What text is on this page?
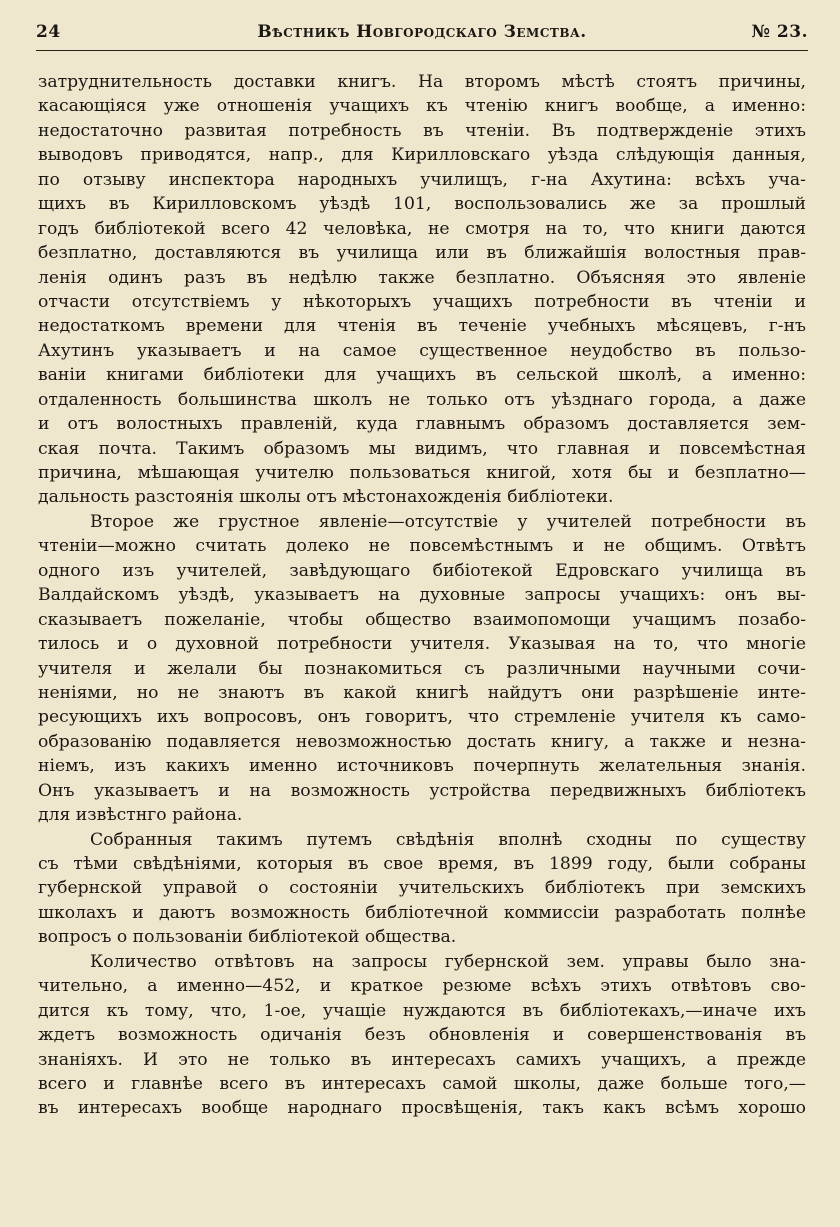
24	Вѣстникъ Новгородскаго Земства.	№ 23.
затруднительность доставки книгъ. На второмъ мѣстѣ стоятъ причины,
касающіяся уже отношенія учащихъ къ чтенію книгъ вообще, а именно:
недостаточно развитая потребность въ чтеніи. Въ подтвержденіе этихъ
выводовъ приводятся, напр., для Кирилловскаго уѣзда слѣдующія данныя,
по отзыву инспектора народныхъ училищъ, г-на Ахутина: всѣхъ уча-
щихъ въ Кирилловскомъ уѣздѣ 101, воспользовались же за прошлый
годъ библіотекой всего 42 человѣка, не смотря на то, что книги даются
безплатно, доставляются въ училища или въ ближайшія волостныя прав-
ленія одинъ разъ въ недѣлю также безплатно. Объясняя это явленіе
отчасти отсутствіемъ у нѣкоторыхъ учащихъ потребности въ чтеніи и
недостаткомъ времени для чтенія въ теченіе учебныхъ мѣсяцевъ, г-нъ
Ахутинъ указываетъ и на самое существенное неудобство въ пользо-
ваніи книгами библіотеки для учащихъ въ сельской школѣ, а именно:
отдаленность большинства школъ не только отъ уѣзднаго города, а даже
и отъ волостныхъ правленій, куда главнымъ образомъ доставляется зем-
ская почта. Такимъ образомъ мы видимъ, что главная и повсемѣстная
причина, мѣшающая учителю пользоваться книгой, хотя бы и безплатно—
дальность разстоянія школы отъ мѣстонахожденія библіотеки.
Второе же грустное явленіе—отсутствіе у учителей потребности въ
чтеніи—можно считать долеко не повсемѣстнымъ и не общимъ. Отвѣтъ
одного изъ учителей, завѣдующаго бибіотекой Едровскаго училища въ
Валдайскомъ уѣздѣ, указываетъ на духовные запросы учащихъ: онъ вы-
сказываетъ пожеланіе, чтобы общество взаимопомощи учащимъ позабо-
тилось и о духовной потребности учителя. Указывая на то, что многіе
учителя и желали бы познакомиться съ различными научными сочи-
неніями, но не знаютъ въ какой книгѣ найдутъ они разрѣшеніе инте-
ресующихъ ихъ вопросовъ, онъ говоритъ, что стремленіе учителя къ само-
образованію подавляется невозможностью достать книгу, а также и незна-
ніемъ, изъ какихъ именно источниковъ почерпнуть желательныя знанія.
Онъ указываетъ и на возможность устройства передвижныхъ библіотекъ
для извѣстнго района.
Собранныя такимъ путемъ свѣдѣнія вполнѣ сходны по существу
съ тѣми свѣдѣніями, которыя въ свое время, въ 1899 году, были собраны
губернской управой о состояніи учительскихъ библіотекъ при земскихъ
школахъ и даютъ возможность библіотечной коммиссіи разработать полнѣе
вопросъ о пользованіи библіотекой общества.
Количество отвѣтовъ на запросы губернской зем. управы было зна-
чительно, а именно—452, и краткое резюме всѣхъ этихъ отвѣтовъ сво-
дится къ тому, что, 1-ое, учащіе нуждаются въ библіотекахъ,—иначе ихъ
ждетъ возможность одичанія безъ обновленія и совершенствованія въ
знаніяхъ. И это не только въ интересахъ самихъ учащихъ, а прежде
всего и главнѣе всего въ интересахъ самой школы, даже больше того,—
въ интересахъ вообще народнаго просвѣщенія, такъ какъ всѣмъ хорошо
